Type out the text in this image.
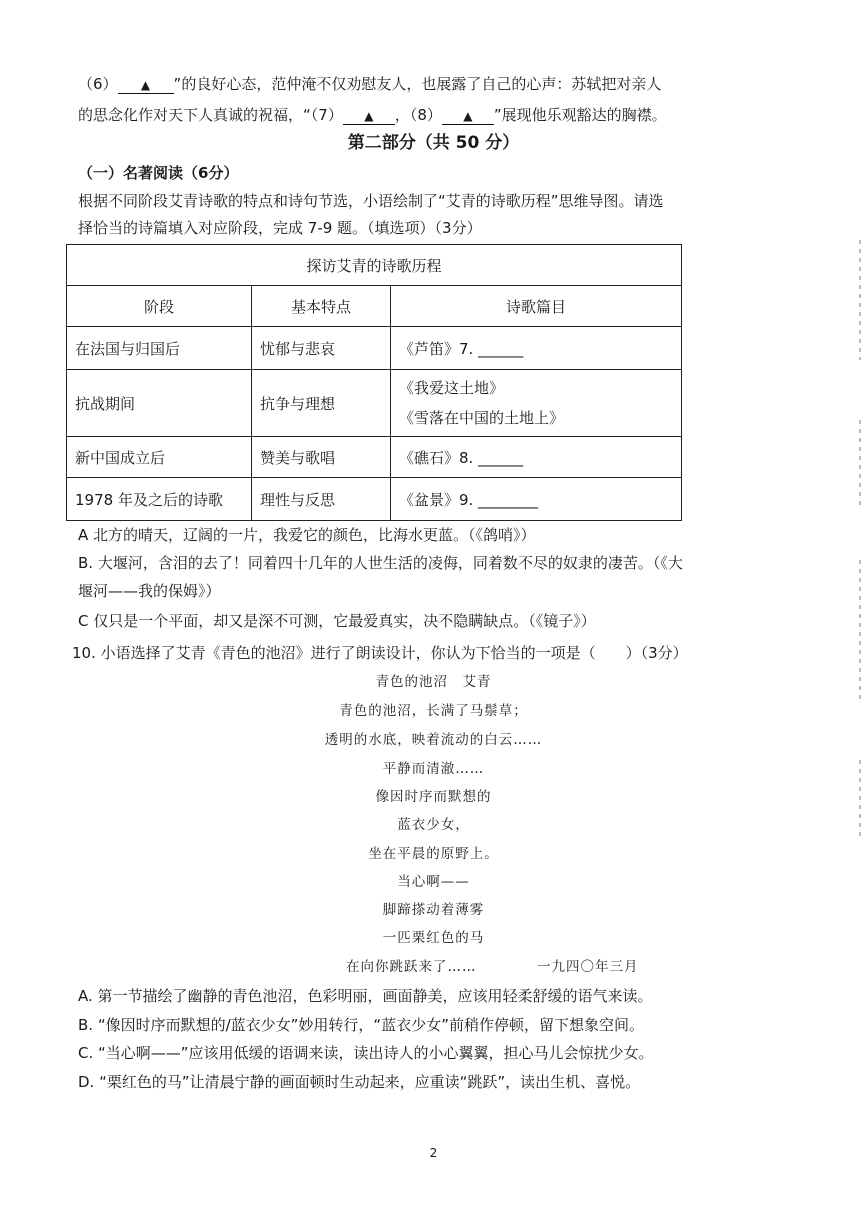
（6） ▲ ”的良好心态，范仲淹不仅劝慰友人，也展露了自己的心声：苏轼把对亲人
的思念化作对天下人真诚的祝福，“（7） ▲ ，（8） ▲ ”展现他乐观豁达的胸襟。
第二部分（共 50 分）
（一）名著阅读（6分）
根据不同阶段艾青诗歌的特点和诗句节选，小语绘制了“艾青的诗歌历程”思维导图。请选
择恰当的诗篇填入对应阶段，完成 7-9 题。（填选项）（3分）
探访艾青的诗歌历程		
阶段	基本特点	诗歌篇目
在法国与归国后	忧郁与悲哀	《芦笛》7. ______
抗战期间	抗争与理想	《我爱这土地》
《雪落在中国的土地上》

新中国成立后	赞美与歌唱	《礁石》8. ______
1978 年及之后的诗歌	理性与反思	《盆景》9. ________
A 北方的晴天，辽阔的一片，我爱它的颜色，比海水更蓝。（《鸽哨》）
B. 大堰河，含泪的去了！同着四十几年的人世生活的凌侮，同着数不尽的奴隶的凄苦。（《大
堰河——我的保姆》）
C 仅只是一个平面，却又是深不可测，它最爱真实，决不隐瞒缺点。（《镜子》）
10. 小语选择了艾青《青色的池沼》进行了朗读设计，你认为下恰当的一项是（　　）（3分）
青色的池沼　艾青
青色的池沼，长满了马鬃草；
透明的水底，映着流动的白云……
平静而清澈……
像因时序而默想的
蓝衣少女，
坐在平晨的原野上。
当心啊——
脚蹄搽动着薄雾
一匹栗红色的马
在向你跳跃来了……	一九四〇年三月
A. 第一节描绘了幽静的青色池沼，色彩明丽，画面静美，应该用轻柔舒缓的语气来读。
B. “像因时序而默想的/蓝衣少女”妙用转行，“蓝衣少女”前稍作停顿，留下想象空间。
C. “当心啊——”应该用低缓的语调来读，读出诗人的小心翼翼，担心马儿会惊扰少女。
D. “栗红色的马”让清晨宁静的画面顿时生动起来，应重读“跳跃”，读出生机、喜悦。
2
